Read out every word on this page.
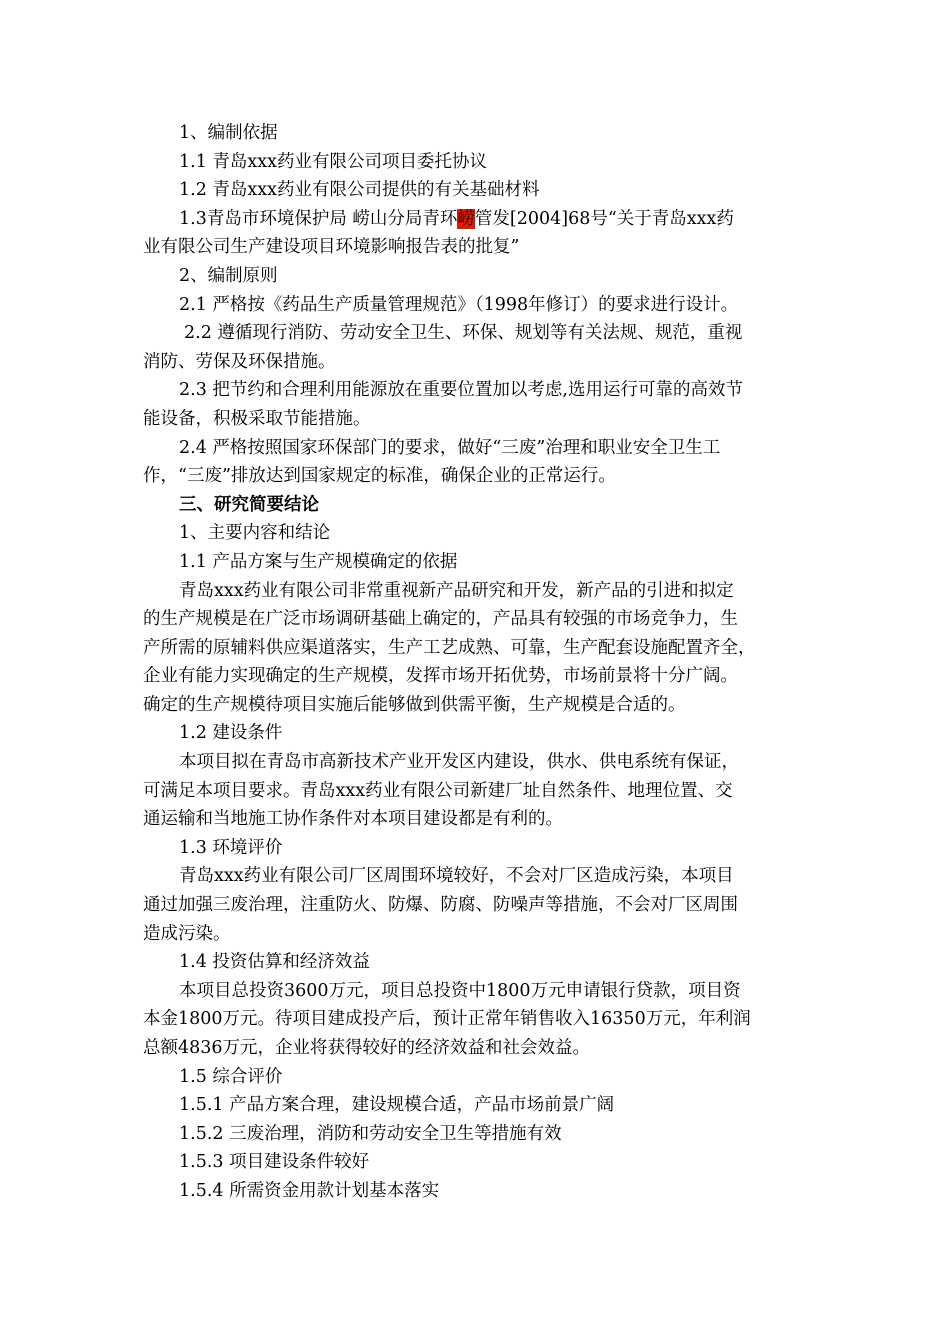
1、编制依据
1.1 青岛xxx药业有限公司项目委托协议
1.2 青岛xxx药业有限公司提供的有关基础材料
1.3青岛市环境保护局 崂山分局青环崂管发[2004]68号“关于青岛xxx药
业有限公司生产建设项目环境影响报告表的批复”
2、编制原则
2.1 严格按《药品生产质量管理规范》（1998年修订）的要求进行设计。
2.2 遵循现行消防、劳动安全卫生、环保、规划等有关法规、规范，重视
消防、劳保及环保措施。
2.3 把节约和合理利用能源放在重要位置加以考虑,选用运行可靠的高效节
能设备，积极采取节能措施。
2.4 严格按照国家环保部门的要求，做好“三废”治理和职业安全卫生工
作，“三废”排放达到国家规定的标准，确保企业的正常运行。
三、研究简要结论
1、主要内容和结论
1.1 产品方案与生产规模确定的依据
青岛xxx药业有限公司非常重视新产品研究和开发，新产品的引进和拟定
的生产规模是在广泛市场调研基础上确定的，产品具有较强的市场竞争力，生
产所需的原辅料供应渠道落实，生产工艺成熟、可靠，生产配套设施配置齐全，
企业有能力实现确定的生产规模，发挥市场开拓优势，市场前景将十分广阔。
确定的生产规模待项目实施后能够做到供需平衡，生产规模是合适的。
1.2 建设条件
本项目拟在青岛市高新技术产业开发区内建设，供水、供电系统有保证，
可满足本项目要求。青岛xxx药业有限公司新建厂址自然条件、地理位置、交
通运输和当地施工协作条件对本项目建设都是有利的。
1.3 环境评价
青岛xxx药业有限公司厂区周围环境较好，不会对厂区造成污染，本项目
通过加强三废治理，注重防火、防爆、防腐、防噪声等措施，不会对厂区周围
造成污染。
1.4 投资估算和经济效益
本项目总投资3600万元，项目总投资中1800万元申请银行贷款，项目资
本金1800万元。待项目建成投产后，预计正常年销售收入16350万元，年利润
总额4836万元，企业将获得较好的经济效益和社会效益。
1.5 综合评价
1.5.1 产品方案合理，建设规模合适，产品市场前景广阔
1.5.2 三废治理，消防和劳动安全卫生等措施有效
1.5.3 项目建设条件较好
1.5.4 所需资金用款计划基本落实
